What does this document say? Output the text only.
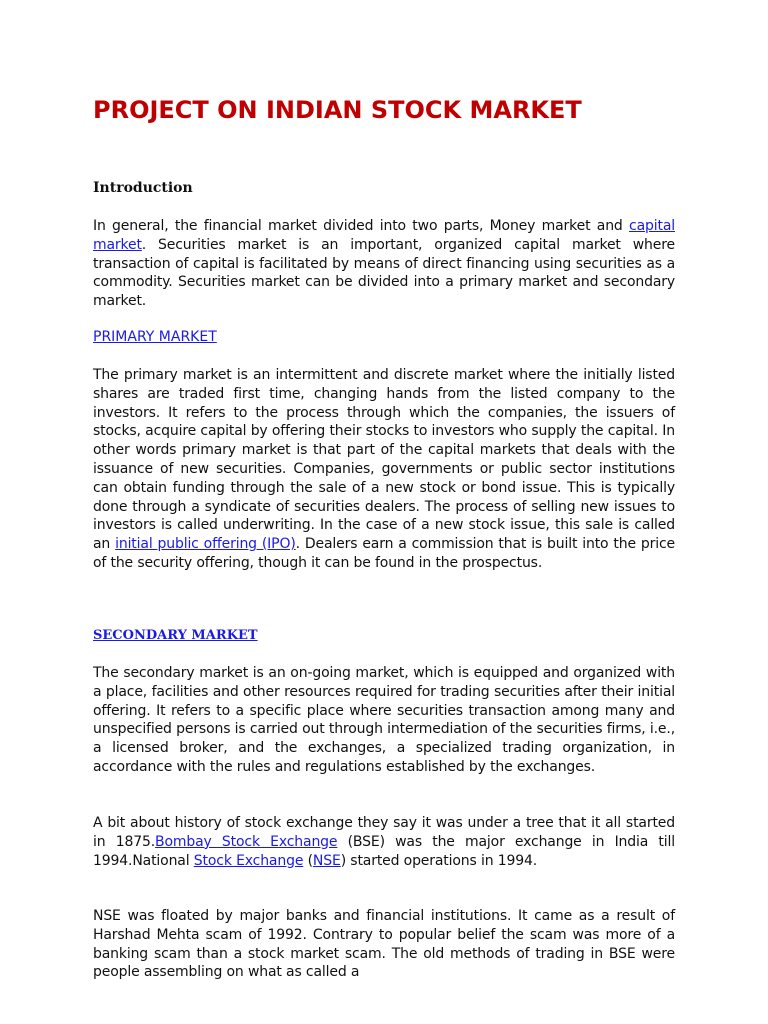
PROJECT ON INDIAN STOCK MARKET
Introduction

In general, the financial market divided into two parts, Money market and capital market. Securities market is an important, organized capital market where transaction of capital is facilitated by means of direct financing using securities as a commodity. Securities market can be divided into a primary market and secondary market.

PRIMARY MARKET

The primary market is an intermittent and discrete market where the initially listed shares are traded first time, changing hands from the listed company to the investors. It refers to the process through which the companies, the issuers of stocks, acquire capital by offering their stocks to investors who supply the capital. In other words primary market is that part of the capital markets that deals with the issuance of new securities. Companies, governments or public sector institutions can obtain funding through the sale of a new stock or bond issue. This is typically done through a syndicate of securities dealers. The process of selling new issues to investors is called underwriting. In the case of a new stock issue, this sale is called an initial public offering (IPO). Dealers earn a commission that is built into the price of the security offering, though it can be found in the prospectus.

SECONDARY MARKET

The secondary market is an on-going market, which is equipped and organized with a place, facilities and other resources required for trading securities after their initial offering. It refers to a specific place where securities transaction among many and unspecified persons is carried out through intermediation of the securities firms, i.e., a licensed broker, and the exchanges, a specialized trading organization, in accordance with the rules and regulations established by the exchanges.

A bit about history of stock exchange they say it was under a tree that it all started in 1875.Bombay Stock Exchange (BSE) was the major exchange in India till 1994.National Stock Exchange (NSE) started operations in 1994.

NSE was floated by major banks and financial institutions. It came as a result of Harshad Mehta scam of 1992. Contrary to popular belief the scam was more of a banking scam than a stock market scam. The old methods of trading in BSE were people assembling on what as called a
